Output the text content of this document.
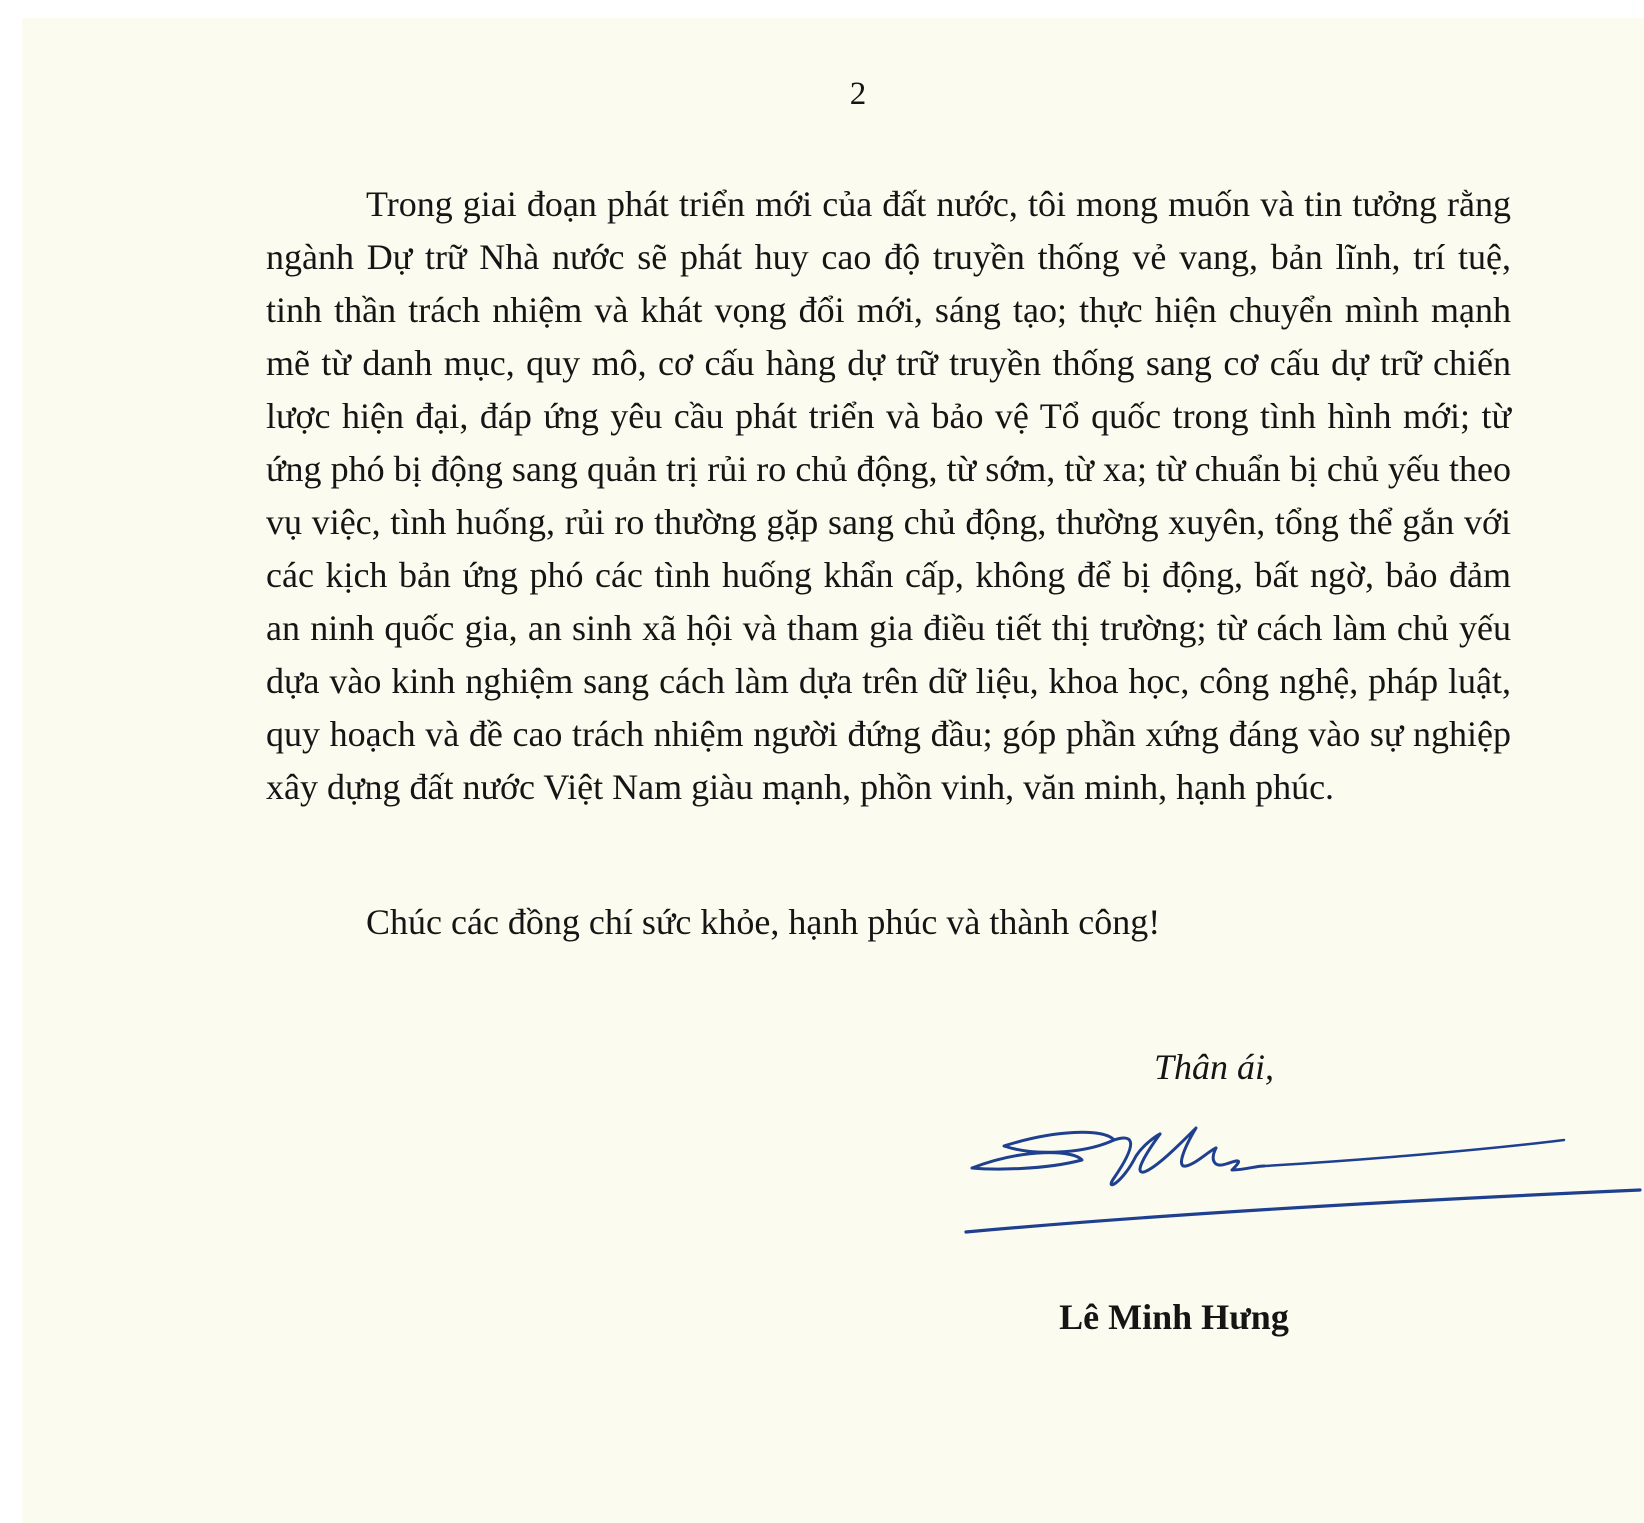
2

Trong giai đoạn phát triển mới của đất nước, tôi mong muốn và tin tưởng rằng ngành Dự trữ Nhà nước sẽ phát huy cao độ truyền thống vẻ vang, bản lĩnh, trí tuệ, tinh thần trách nhiệm và khát vọng đổi mới, sáng tạo; thực hiện chuyển mình mạnh mẽ từ danh mục, quy mô, cơ cấu hàng dự trữ truyền thống sang cơ cấu dự trữ chiến lược hiện đại, đáp ứng yêu cầu phát triển và bảo vệ Tổ quốc trong tình hình mới; từ ứng phó bị động sang quản trị rủi ro chủ động, từ sớm, từ xa; từ chuẩn bị chủ yếu theo vụ việc, tình huống, rủi ro thường gặp sang chủ động, thường xuyên, tổng thể gắn với các kịch bản ứng phó các tình huống khẩn cấp, không để bị động, bất ngờ, bảo đảm an ninh quốc gia, an sinh xã hội và tham gia điều tiết thị trường; từ cách làm chủ yếu dựa vào kinh nghiệm sang cách làm dựa trên dữ liệu, khoa học, công nghệ, pháp luật, quy hoạch và đề cao trách nhiệm người đứng đầu; góp phần xứng đáng vào sự nghiệp xây dựng đất nước Việt Nam giàu mạnh, phồn vinh, văn minh, hạnh phúc.

Chúc các đồng chí sức khỏe, hạnh phúc và thành công!

Thân ái,
Lê Minh Hưng
